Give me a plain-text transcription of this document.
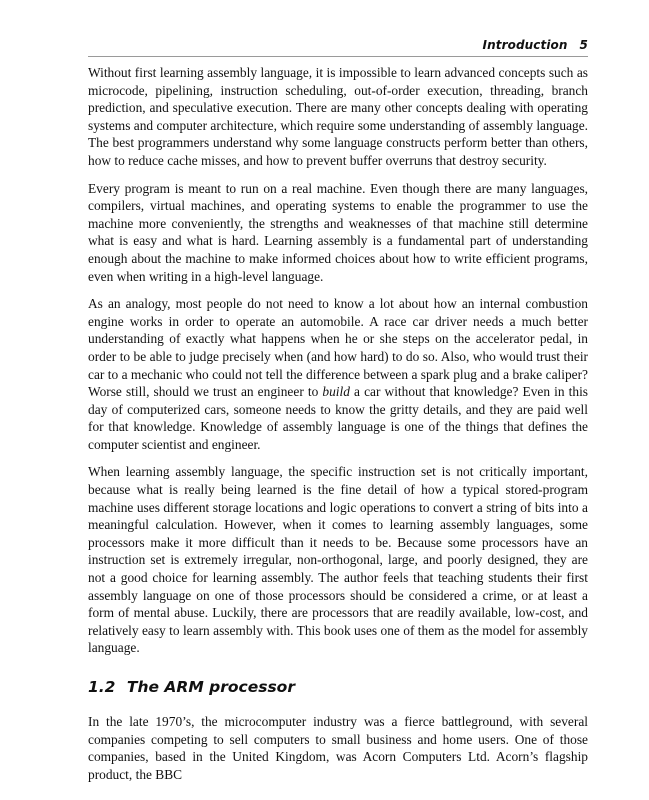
Introduction 5

Without first learning assembly language, it is impossible to learn advanced concepts such as microcode, pipelining, instruction scheduling, out-of-order execution, threading, branch prediction, and speculative execution. There are many other concepts dealing with operating systems and computer architecture, which require some understanding of assembly language. The best programmers understand why some language constructs perform better than others, how to reduce cache misses, and how to prevent buffer overruns that destroy security.

Every program is meant to run on a real machine. Even though there are many languages, compilers, virtual machines, and operating systems to enable the programmer to use the machine more conveniently, the strengths and weaknesses of that machine still determine what is easy and what is hard. Learning assembly is a fundamental part of understanding enough about the machine to make informed choices about how to write efficient programs, even when writing in a high-level language.

As an analogy, most people do not need to know a lot about how an internal combustion engine works in order to operate an automobile. A race car driver needs a much better understanding of exactly what happens when he or she steps on the accelerator pedal, in order to be able to judge precisely when (and how hard) to do so. Also, who would trust their car to a mechanic who could not tell the difference between a spark plug and a brake caliper? Worse still, should we trust an engineer to build a car without that knowledge? Even in this day of computerized cars, someone needs to know the gritty details, and they are paid well for that knowledge. Knowledge of assembly language is one of the things that defines the computer scientist and engineer.

When learning assembly language, the specific instruction set is not critically important, because what is really being learned is the fine detail of how a typical stored-program machine uses different storage locations and logic operations to convert a string of bits into a meaningful calculation. However, when it comes to learning assembly languages, some processors make it more difficult than it needs to be. Because some processors have an instruction set is extremely irregular, non-orthogonal, large, and poorly designed, they are not a good choice for learning assembly. The author feels that teaching students their first assembly language on one of those processors should be considered a crime, or at least a form of mental abuse. Luckily, there are processors that are readily available, low-cost, and relatively easy to learn assembly with. This book uses one of them as the model for assembly language.

1.2 The ARM processor

In the late 1970’s, the microcomputer industry was a fierce battleground, with several companies competing to sell computers to small business and home users. One of those companies, based in the United Kingdom, was Acorn Computers Ltd. Acorn’s flagship product, the BBC
